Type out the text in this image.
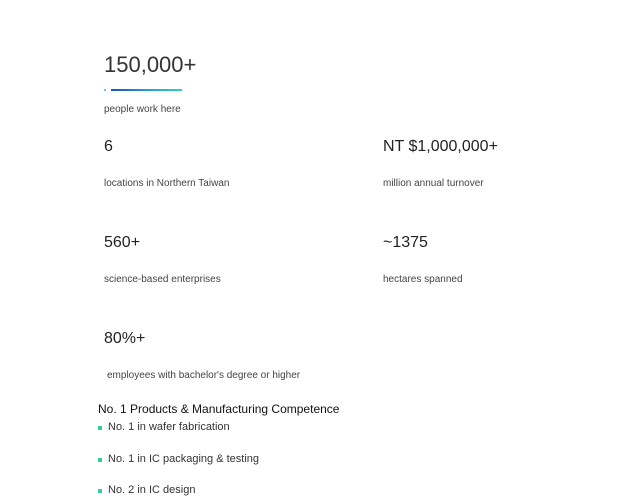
150,000+
people work here
6
locations in Northern Taiwan
NT $1,000,000+
million annual turnover
560+
science-based enterprises
~1375
hectares spanned
80%+
employees with bachelor's degree or higher
No. 1 Products & Manufacturing Competence
No. 1 in wafer fabrication
No. 1 in IC packaging & testing
No. 2 in IC design
